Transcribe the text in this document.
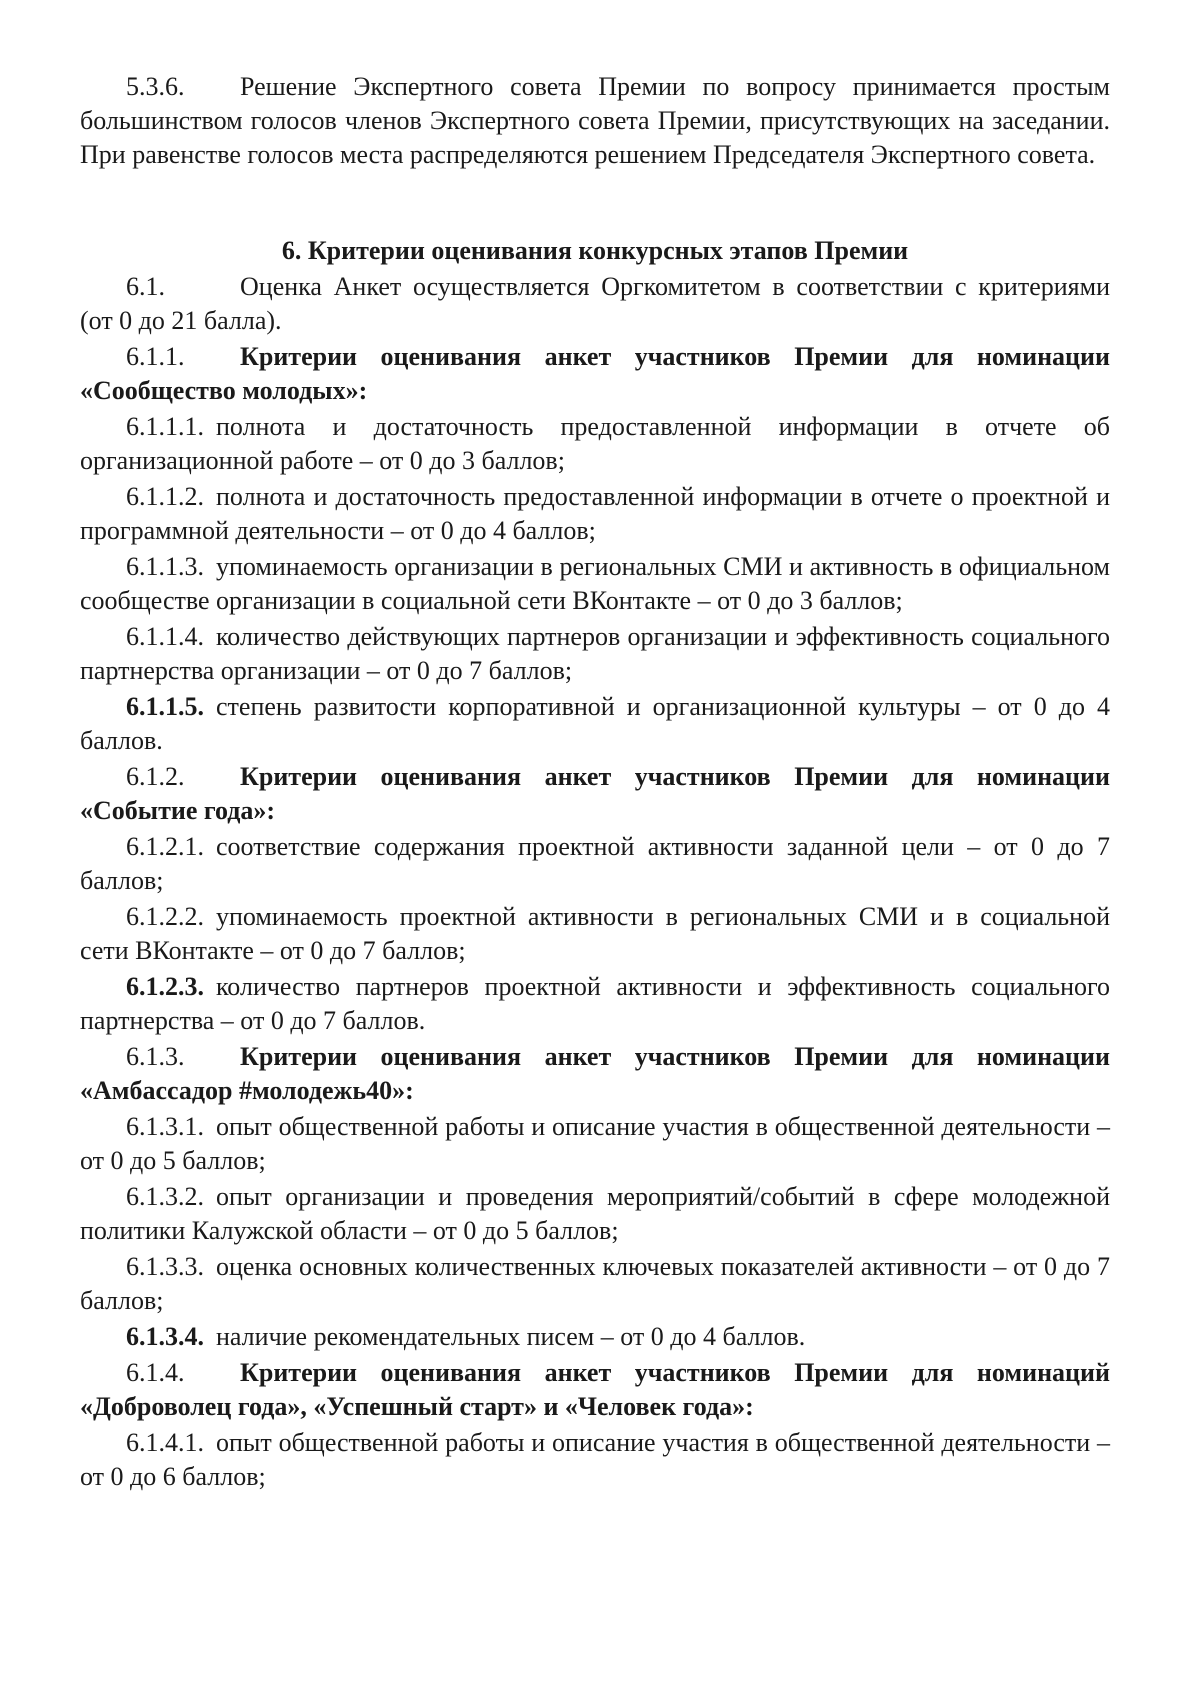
5.3.6. Решение Экспертного совета Премии по вопросу принимается простым большинством голосов членов Экспертного совета Премии, присутствующих на заседании. При равенстве голосов места распределяются решением Председателя Экспертного совета.

6. Критерии оценивания конкурсных этапов Премии

6.1.	Оценка Анкет осуществляется Оргкомитетом в соответствии с критериями (от 0 до 21 балла).

6.1.1. Критерии оценивания анкет участников Премии для номинации «Сообщество молодых»:

6.1.1.1. полнота и достаточность предоставленной информации в отчете об организационной работе – от 0 до 3 баллов;

6.1.1.2. полнота и достаточность предоставленной информации в отчете о проектной и программной деятельности – от 0 до 4 баллов;

6.1.1.3. упоминаемость организации в региональных СМИ и активность в официальном сообществе организации в социальной сети ВКонтакте – от 0 до 3 баллов;

6.1.1.4. количество действующих партнеров организации и эффективность социального партнерства организации – от 0 до 7 баллов;

6.1.1.5. степень развитости корпоративной и организационной культуры – от 0 до 4 баллов.

6.1.2. Критерии оценивания анкет участников Премии для номинации «Событие года»:

6.1.2.1. соответствие содержания проектной активности заданной цели – от 0 до 7 баллов;

6.1.2.2. упоминаемость проектной активности в региональных СМИ и в социальной сети ВКонтакте – от 0 до 7 баллов;

6.1.2.3. количество партнеров проектной активности и эффективность социального партнерства – от 0 до 7 баллов.

6.1.3. Критерии оценивания анкет участников Премии для номинации «Амбассадор #молодежь40»:

6.1.3.1. опыт общественной работы и описание участия в общественной деятельности – от 0 до 5 баллов;

6.1.3.2. опыт организации и проведения мероприятий/событий в сфере молодежной политики Калужской области – от 0 до 5 баллов;

6.1.3.3. оценка основных количественных ключевых показателей активности – от 0 до 7 баллов;

6.1.3.4. наличие рекомендательных писем – от 0 до 4 баллов.

6.1.4. Критерии оценивания анкет участников Премии для номинаций «Доброволец года», «Успешный старт» и «Человек года»:

6.1.4.1. опыт общественной работы и описание участия в общественной деятельности – от 0 до 6 баллов;
